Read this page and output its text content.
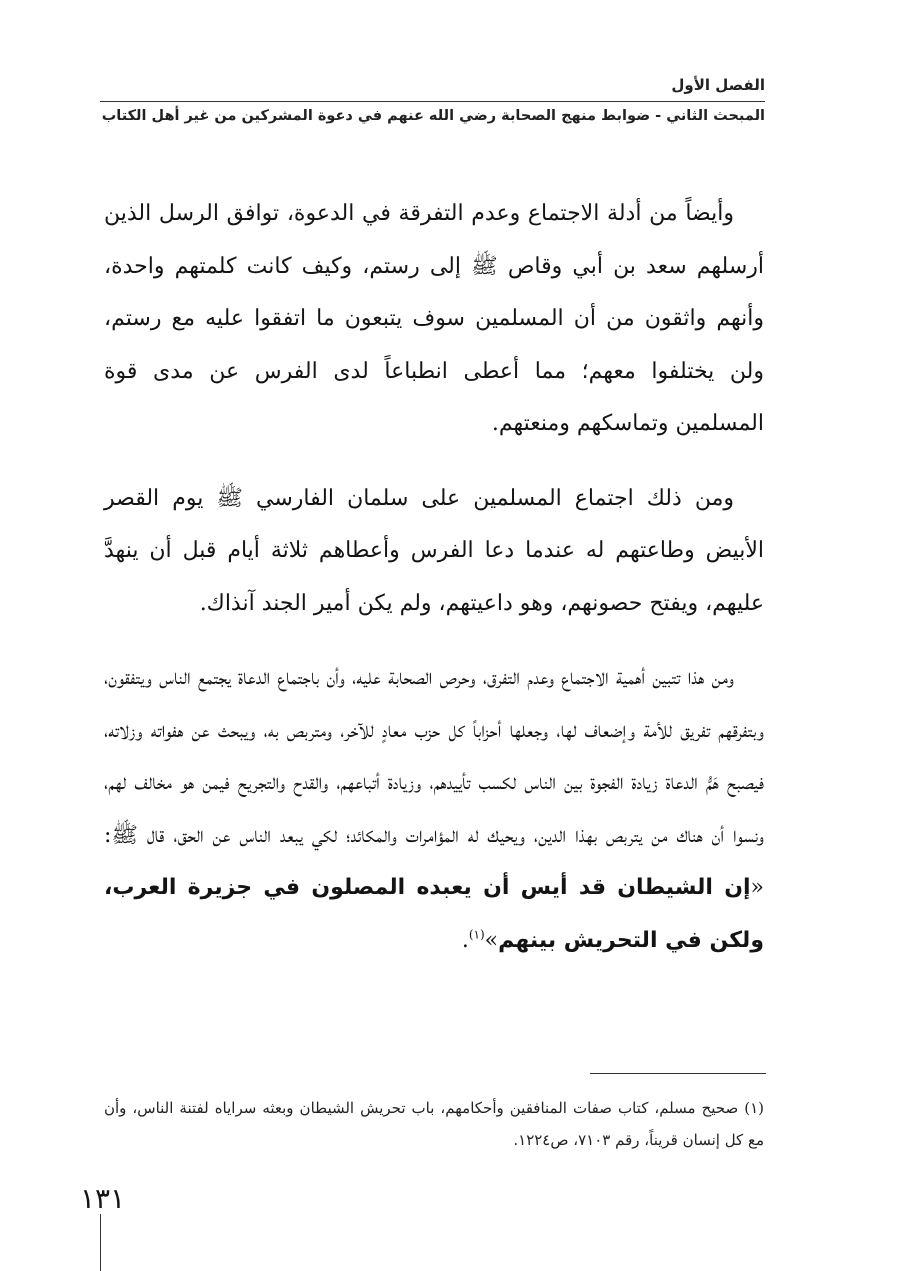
الفصل الأول
المبحث الثاني - ضوابط منهج الصحابة رضي الله عنهم في دعوة المشركين من غير أهل الكتاب

وأيضاً من أدلة الاجتماع وعدم التفرقة في الدعوة، توافق الرسل الذين أرسلهم سعد بن أبي وقاص ﷺ إلى رستم، وكيف كانت كلمتهم واحدة، وأنهم واثقون من أن المسلمين سوف يتبعون ما اتفقوا عليه مع رستم، ولن يختلفوا معهم؛ مما أعطى انطباعاً لدى الفرس عن مدى قوة المسلمين وتماسكهم ومنعتهم.

ومن ذلك اجتماع المسلمين على سلمان الفارسي ﷺ يوم القصر الأبيض وطاعتهم له عندما دعا الفرس وأعطاهم ثلاثة أيام قبل أن ينهدَّ عليهم، ويفتح حصونهم، وهو داعيتهم، ولم يكن أمير الجند آنذاك.

ومن هذا تتبين أهمية الاجتماع وعدم التفرق، وحرص الصحابة عليه، وأن باجتماع الدعاة يجتمع الناس ويتفقون، وبتفرقهم تفريق للأمة وإضعاف لها، وجعلها أحزاباً كل حزب معادٍ للآخر، ومتربص به، ويبحث عن هفواته وزلاته، فيصبح هَمُّ الدعاة زيادة الفجوة بين الناس لكسب تأييدهم، وزيادة أتباعهم، والقدح والتجريح فيمن هو مخالف لهم، ونسوا أن هناك من يتربص بهذا الدين، ويحيك له المؤامرات والمكائد؛ لكي يبعد الناس عن الحق، قال ﷺ: «إن الشيطان قد أيس أن يعبده المصلون في جزيرة العرب، ولكن في التحريش بينهم»$^{(١)}$.

(١) صحيح مسلم، كتاب صفات المنافقين وأحكامهم، باب تحريش الشيطان وبعثه سراياه لفتنة الناس، وأن مع كل إنسان قريناً، رقم ٧١٠٣، ص١٢٢٤.
١٣١
